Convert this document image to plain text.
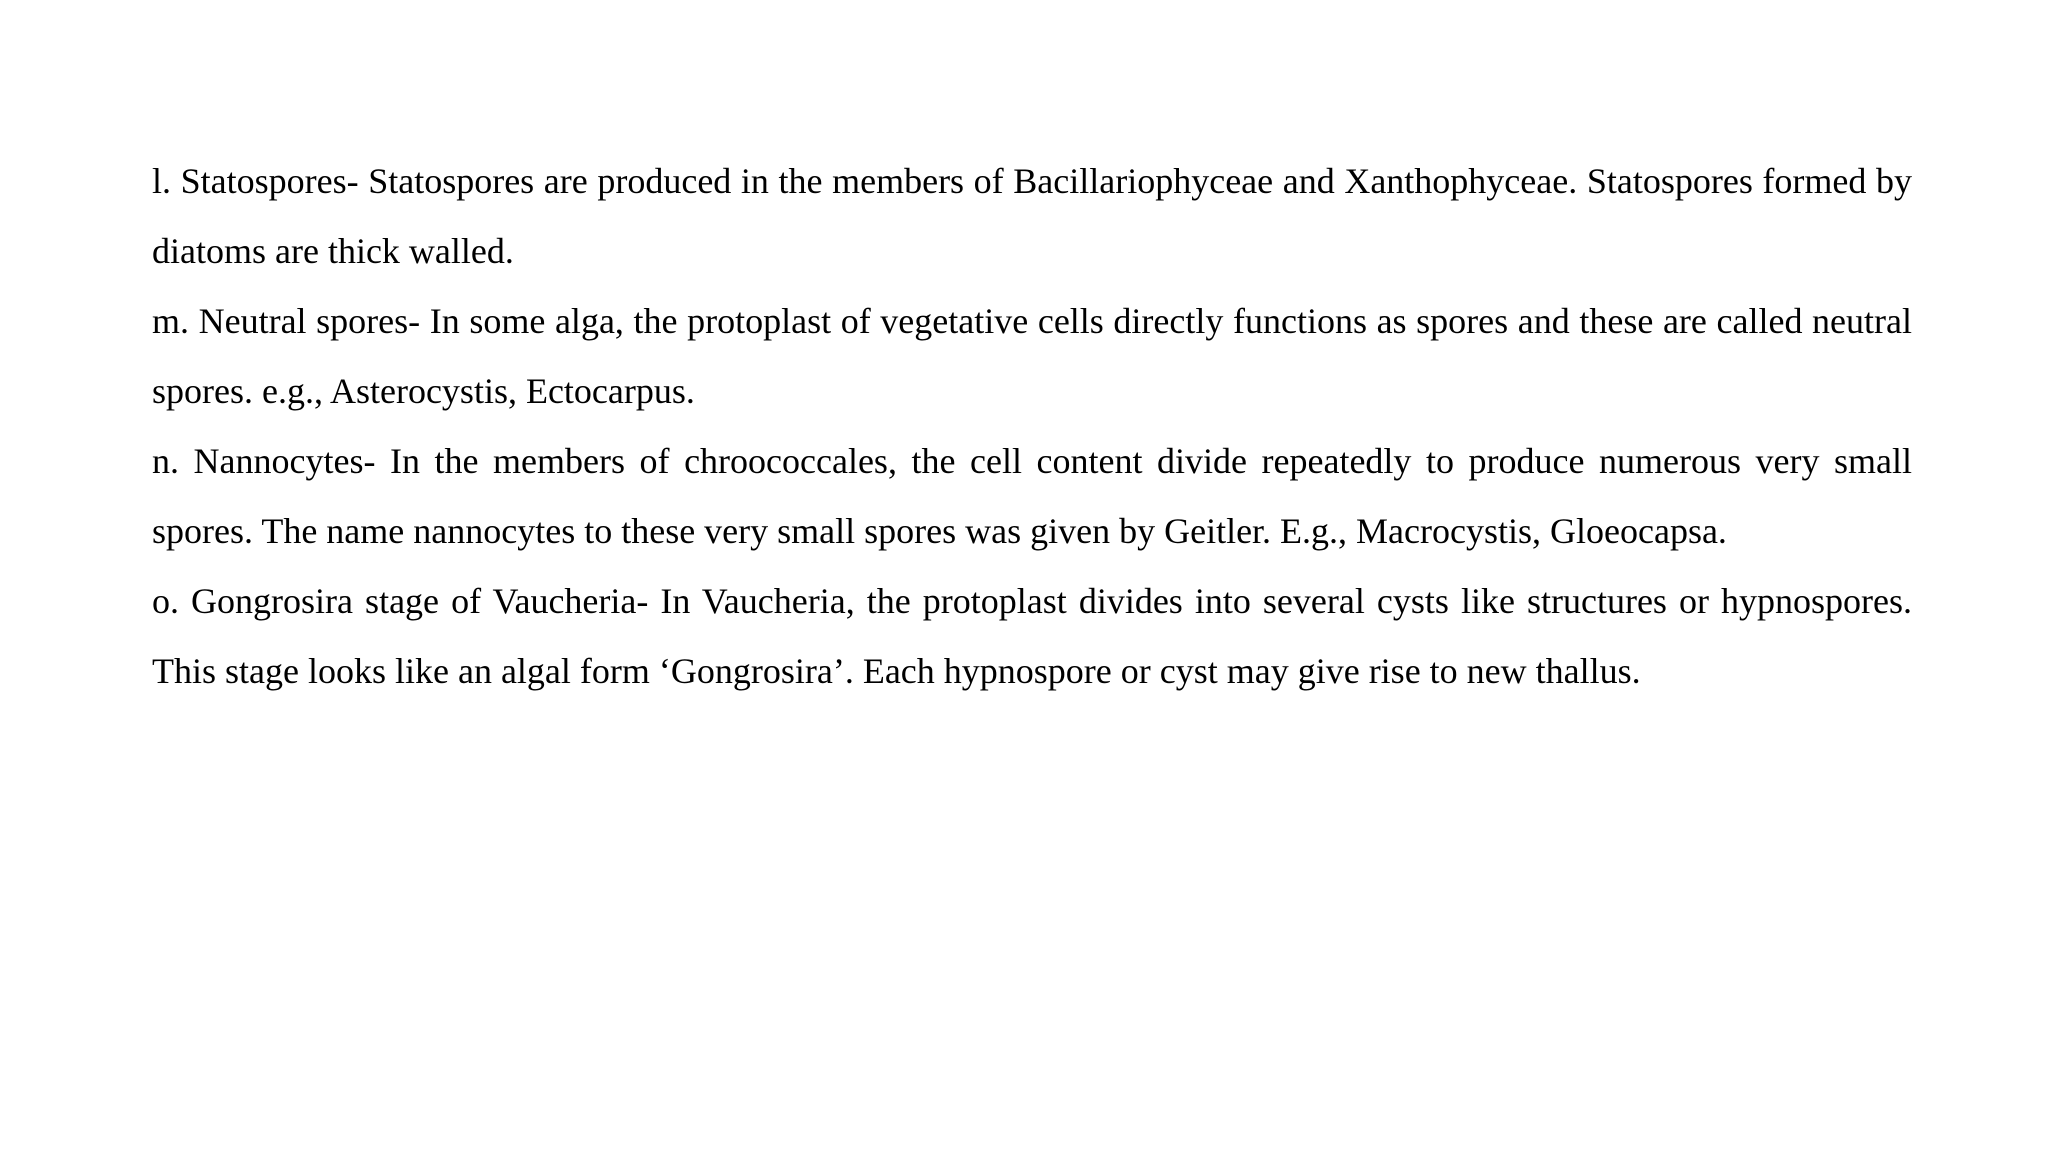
l. Statospores- Statospores are produced in the members of Bacillariophyceae and Xanthophyceae. Statospores formed by diatoms are thick walled.

m. Neutral spores- In some alga, the protoplast of vegetative cells directly functions as spores and these are called neutral spores. e.g., Asterocystis, Ectocarpus.

n. Nannocytes- In the members of chroococcales, the cell content divide repeatedly to produce numerous very small spores. The name nannocytes to these very small spores was given by Geitler. E.g., Macrocystis, Gloeocapsa.

o. Gongrosira stage of Vaucheria- In Vaucheria, the protoplast divides into several cysts like structures or hypnospores. This stage looks like an algal form ‘Gongrosira’. Each hypnospore or cyst may give rise to new thallus.
